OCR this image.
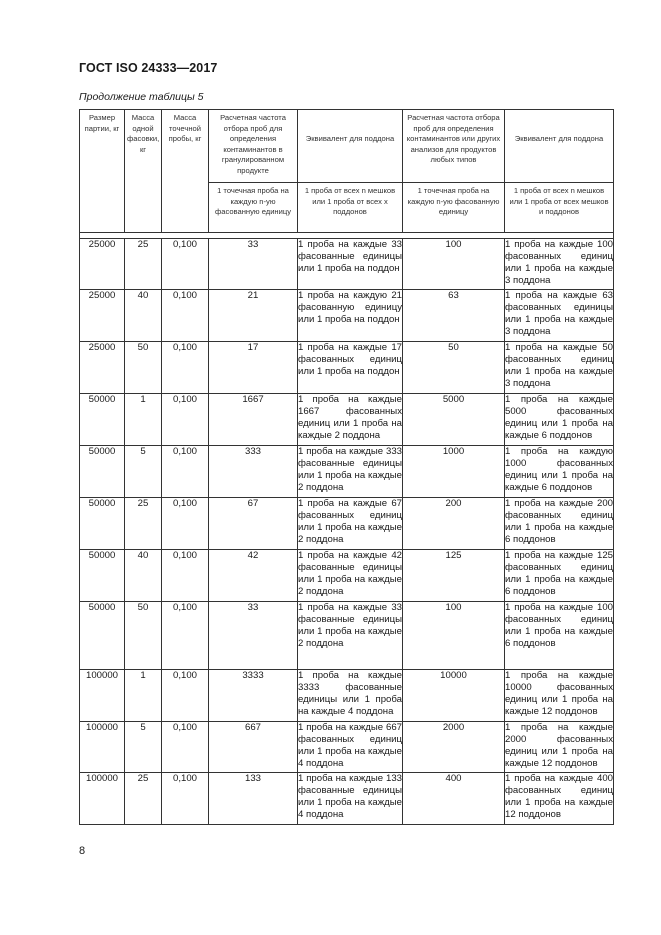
ГОСТ ISO 24333—2017
Продолжение таблицы 5
Размер партии, кг	Масса одной фасовки, кг	Масса точечной пробы, кг	Расчетная частота отбора проб для определения контаминантов в гранулированном продукте	Эквивалент для поддона	Расчетная частота отбора проб для определения контаминантов или других анализов для продуктов любых типов	Эквивалент для поддона

			1 точечная проба на каждую n-ую фасованную единицу	1 проба от всех n мешков или 1 проба от всех х поддонов	1 точечная проба на каждую n-ую фасованную единицу	1 проба от всех n мешков или 1 проба от всех мешков и поддонов

25000	25	0,100	33	1 проба на каждые 33 фасованные единицы или 1 проба на поддон	100	1 проба на каждые 100 фасованных единиц или 1 проба на каждые 3 поддона
25000	40	0,100	21	1 проба на каждую 21 фасованную единицу или 1 проба на поддон	63	1 проба на каждые 63 фасованных единицы или 1 проба на каждые 3 поддона
25000	50	0,100	17	1 проба на каждые 17 фасованных единиц или 1 проба на поддон	50	1 проба на каждые 50 фасованных единиц или 1 проба на каждые 3 поддона
50000	1	0,100	1667	1 проба на каждые 1667 фасованных единиц или 1 проба на каждые 2 поддона	5000	1 проба на каждые 5000 фасованных единиц или 1 проба на каждые 6 поддонов
50000	5	0,100	333	1 проба на каждые 333 фасованные единицы или 1 проба на каждые 2 поддона	1000	1 проба на каждую 1000 фасованных единиц или 1 проба на каждые 6 поддонов
50000	25	0,100	67	1 проба на каждые 67 фасованных единиц или 1 проба на каждые 2 поддона	200	1 проба на каждые 200 фасованных единиц или 1 проба на каждые 6 поддонов
50000	40	0,100	42	1 проба на каждые 42 фасованные единицы или 1 проба на каждые 2 поддона	125	1 проба на каждые 125 фасованных единиц или 1 проба на каждые 6 поддонов
50000	50	0,100	33	1 проба на каждые 33 фасованные единицы или 1 проба на каждые 2 поддона	100	1 проба на каждые 100 фасованных единиц или 1 проба на каждые 6 поддонов
100000	1	0,100	3333	1 проба на каждые 3333 фасованные единицы или 1 проба на каждые 4 поддона	10000	1 проба на каждые 10000 фасованных единиц или 1 проба на каждые 12 поддонов
100000	5	0,100	667	1 проба на каждые 667 фасованных единиц или 1 проба на каждые 4 поддона	2000	1 проба на каждые 2000 фасованных единиц или 1 проба на каждые 12 поддонов
100000	25	0,100	133	1 проба на каждые 133 фасованные единицы или 1 проба на каждые 4 поддона	400	1 проба на каждые 400 фасованных единиц или 1 проба на каждые 12 поддонов
8
